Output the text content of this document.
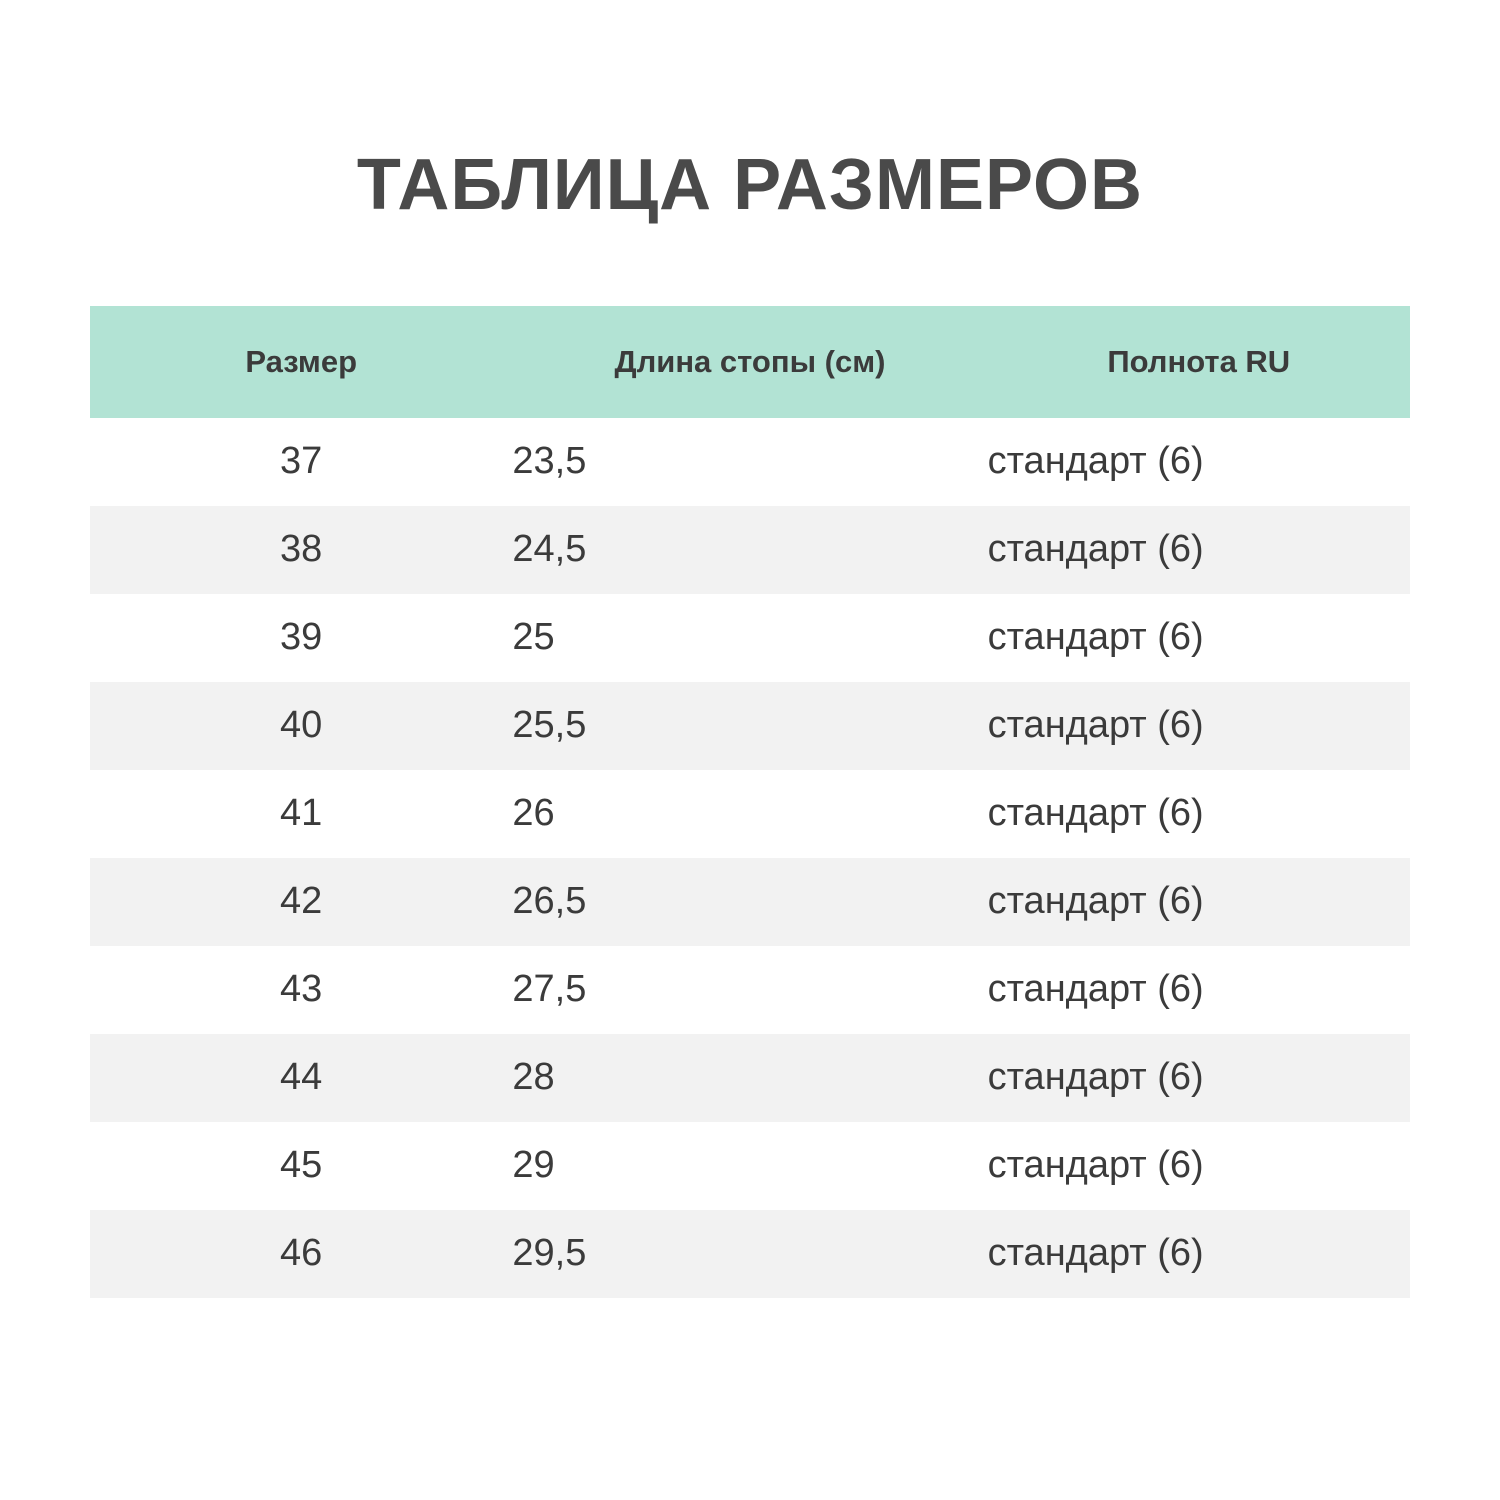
ТАБЛИЦА РАЗМЕРОВ
Размер	Длина стопы (см)	Полнота RU
37	23,5	стандарт (6)
38	24,5	стандарт (6)
39	25	стандарт (6)
40	25,5	стандарт (6)
41	26	стандарт (6)
42	26,5	стандарт (6)
43	27,5	стандарт (6)
44	28	стандарт (6)
45	29	стандарт (6)
46	29,5	стандарт (6)
